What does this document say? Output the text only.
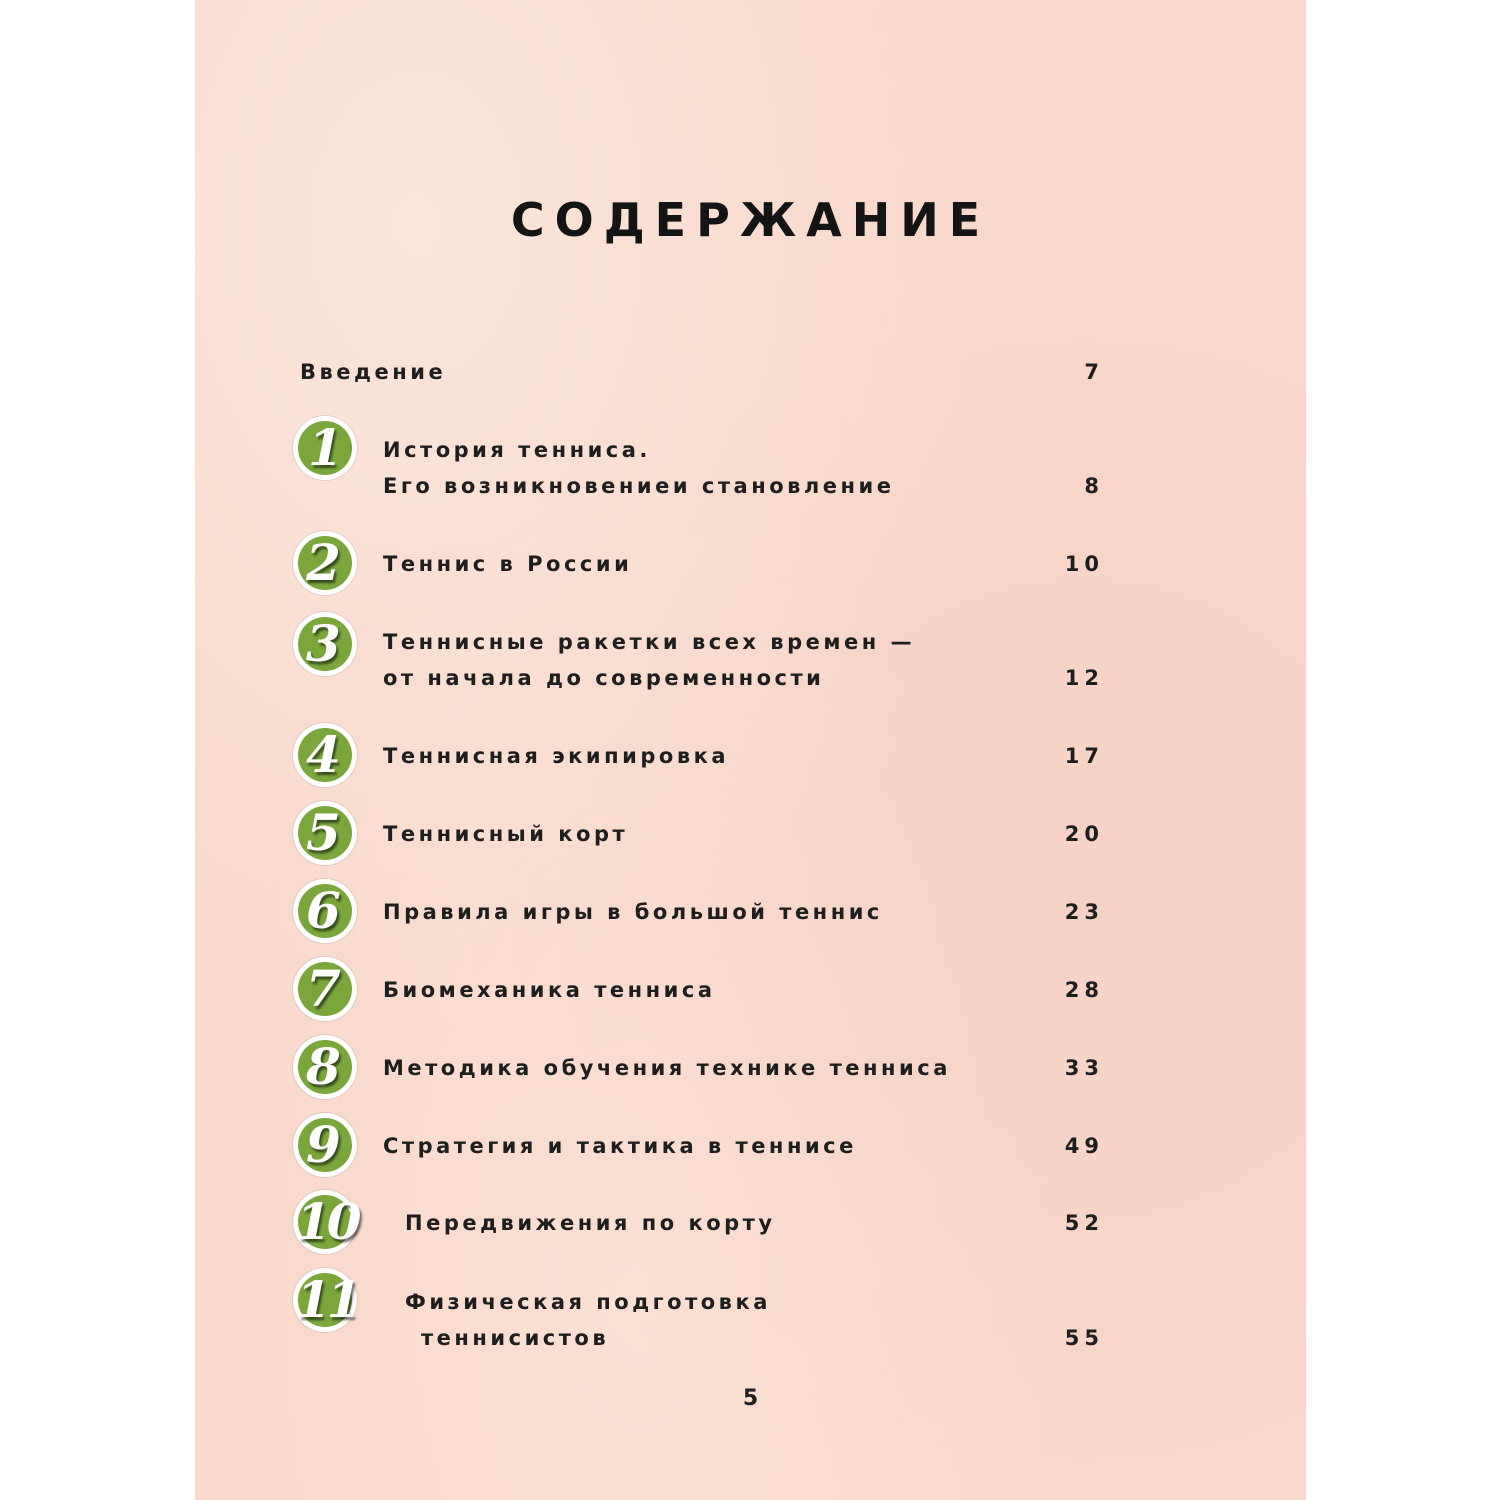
СОДЕРЖАНИЕ
Введение	7
1 История тенниса.
Его возникновениеи становление	8
2 Теннис в России	10
3 Теннисные ракетки всех времен —
от начала до современности	12
4 Теннисная экипировка	17
5 Теннисный корт	20
6 Правила игры в большой теннис	23
7 Биомеханика тенниса	28
8 Методика обучения технике тенниса	33
9 Стратегия и тактика в теннисе	49
10 Передвижения по корту	52
11 Физическая подготовка
теннисистов	55
5
